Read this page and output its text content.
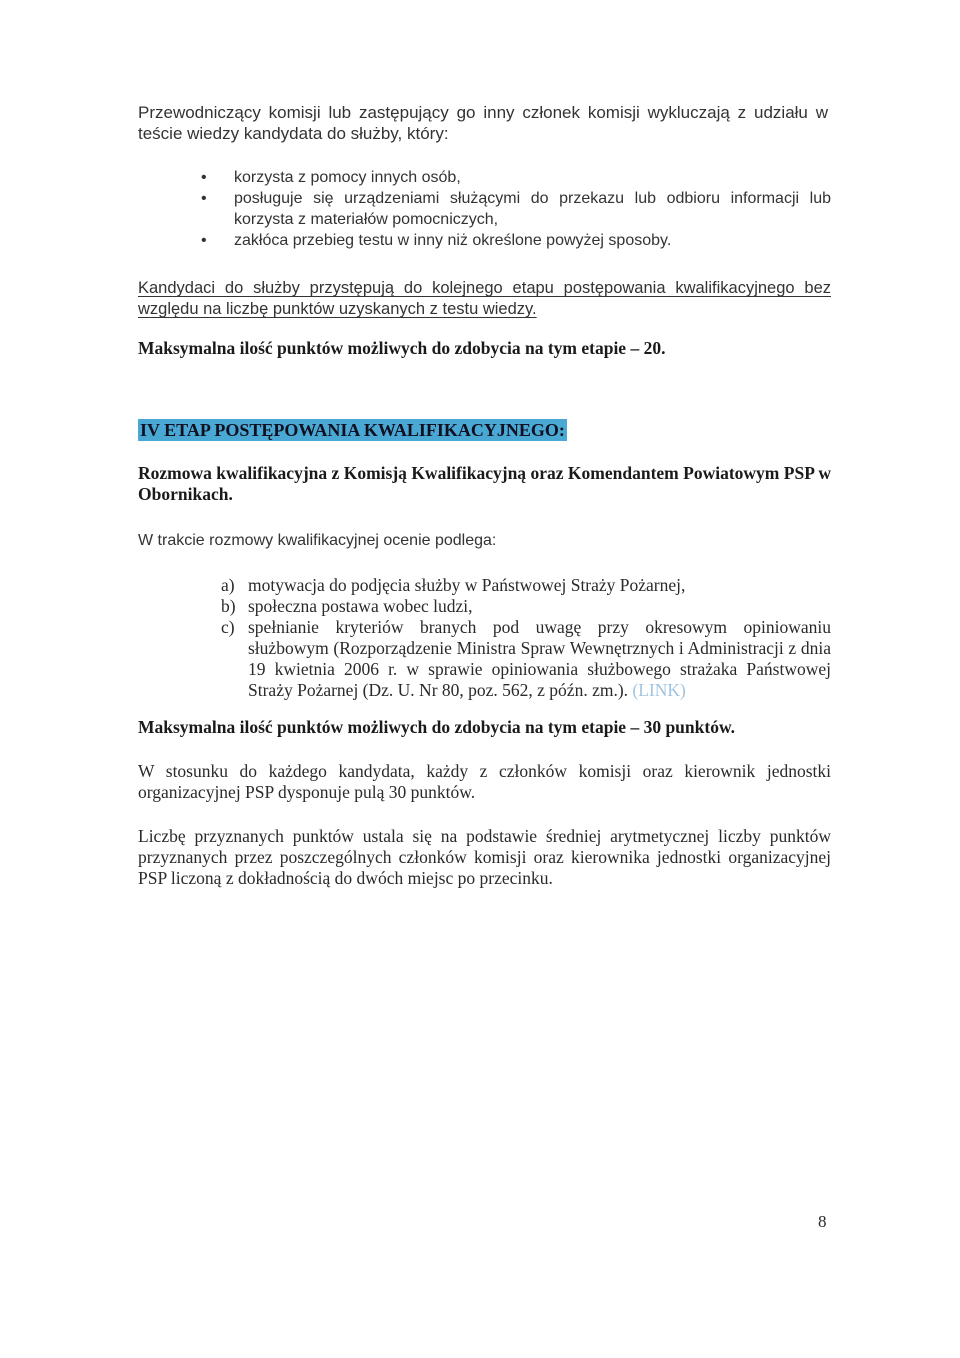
Przewodniczący komisji lub zastępujący go inny członek komisji wykluczają z udziału w teście wiedzy kandydata do służby, który:

• korzysta z pomocy innych osób,
• posługuje się urządzeniami służącymi do przekazu lub odbioru informacji lub korzysta z materiałów pomocniczych,
• zakłóca przebieg testu w inny niż określone powyżej sposoby.

Kandydaci do służby przystępują do kolejnego etapu postępowania kwalifikacyjnego bez względu na liczbę punktów uzyskanych z testu wiedzy.

Maksymalna ilość punktów możliwych do zdobycia na tym etapie – 20.

IV ETAP POSTĘPOWANIA KWALIFIKACYJNEGO:

Rozmowa kwalifikacyjna z Komisją Kwalifikacyjną oraz Komendantem Powiatowym PSP w Obornikach.

W trakcie rozmowy kwalifikacyjnej ocenie podlega:

a) motywacja do podjęcia służby w Państwowej Straży Pożarnej,
b) społeczna postawa wobec ludzi,
c) spełnianie kryteriów branych pod uwagę przy okresowym opiniowaniu służbowym (Rozporządzenie Ministra Spraw Wewnętrznych i Administracji z dnia 19 kwietnia 2006 r. w sprawie opiniowania służbowego strażaka Państwowej Straży Pożarnej (Dz. U. Nr 80, poz. 562, z późn. zm.). (LINK)

Maksymalna ilość punktów możliwych do zdobycia na tym etapie – 30 punktów.

W stosunku do każdego kandydata, każdy z członków komisji oraz kierownik jednostki organizacyjnej PSP dysponuje pulą 30 punktów.

Liczbę przyznanych punktów ustala się na podstawie średniej arytmetycznej liczby punktów przyznanych przez poszczególnych członków komisji oraz kierownika jednostki organizacyjnej PSP liczoną z dokładnością do dwóch miejsc po przecinku.

8
